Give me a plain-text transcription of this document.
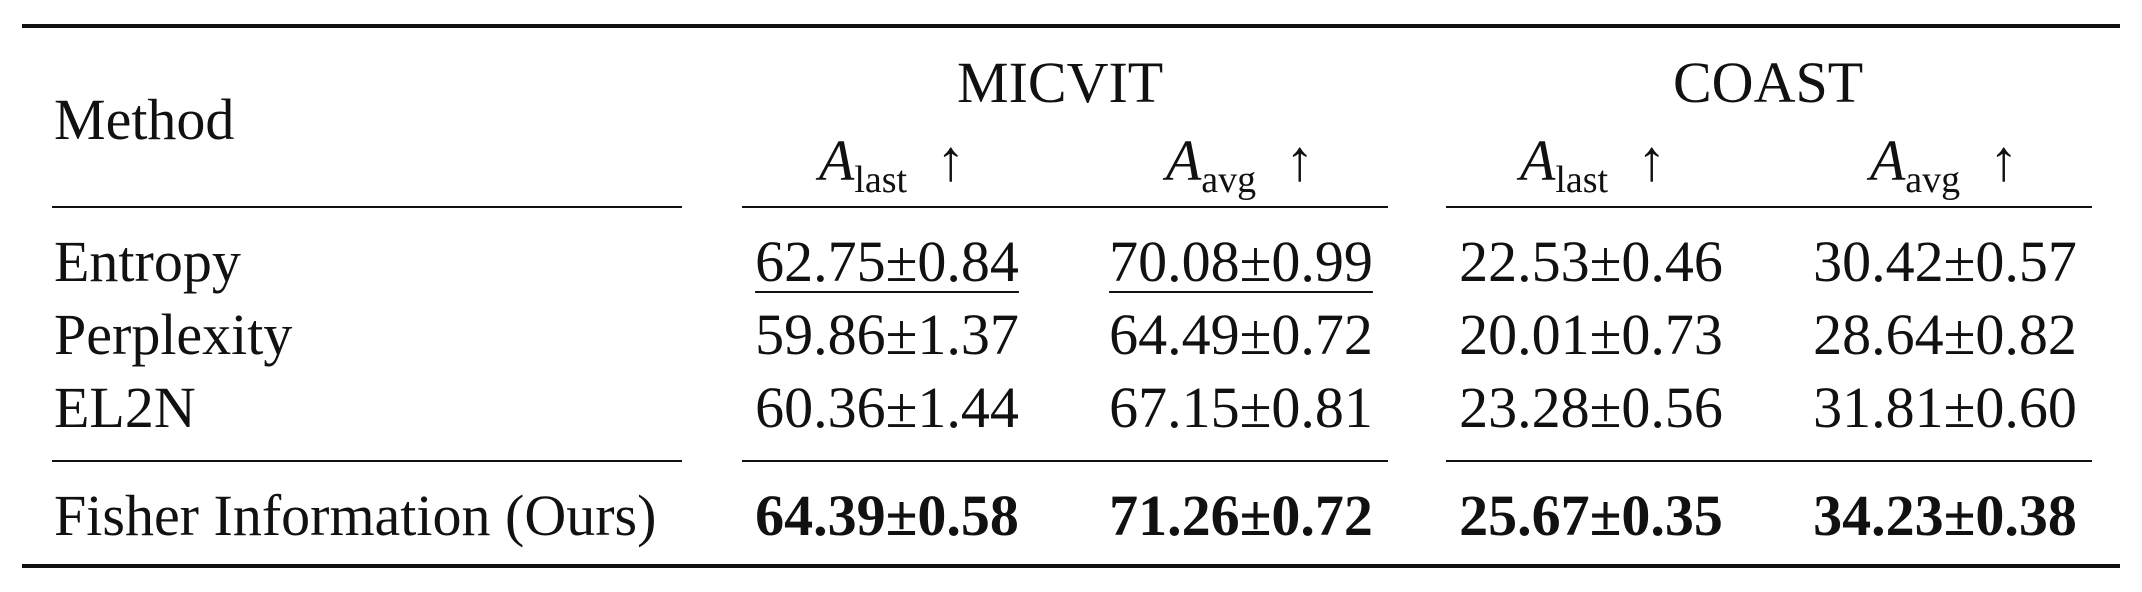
Method
MICVIT	COAST
$A_{last}$ ↑	$A_{avg}$ ↑	$A_{last}$ ↑	$A_{avg}$ ↑
Entropy	62.75±0.84 70.08±0.99 22.53±0.46 30.42±0.57
Perplexity	59.86±1.37 64.49±0.72 20.01±0.73 28.64±0.82
EL2N	60.36±1.44 67.15±0.81 23.28±0.56 31.81±0.60
Fisher Information (Ours) 64.39±0.58 71.26±0.72 25.67±0.35 34.23±0.38
